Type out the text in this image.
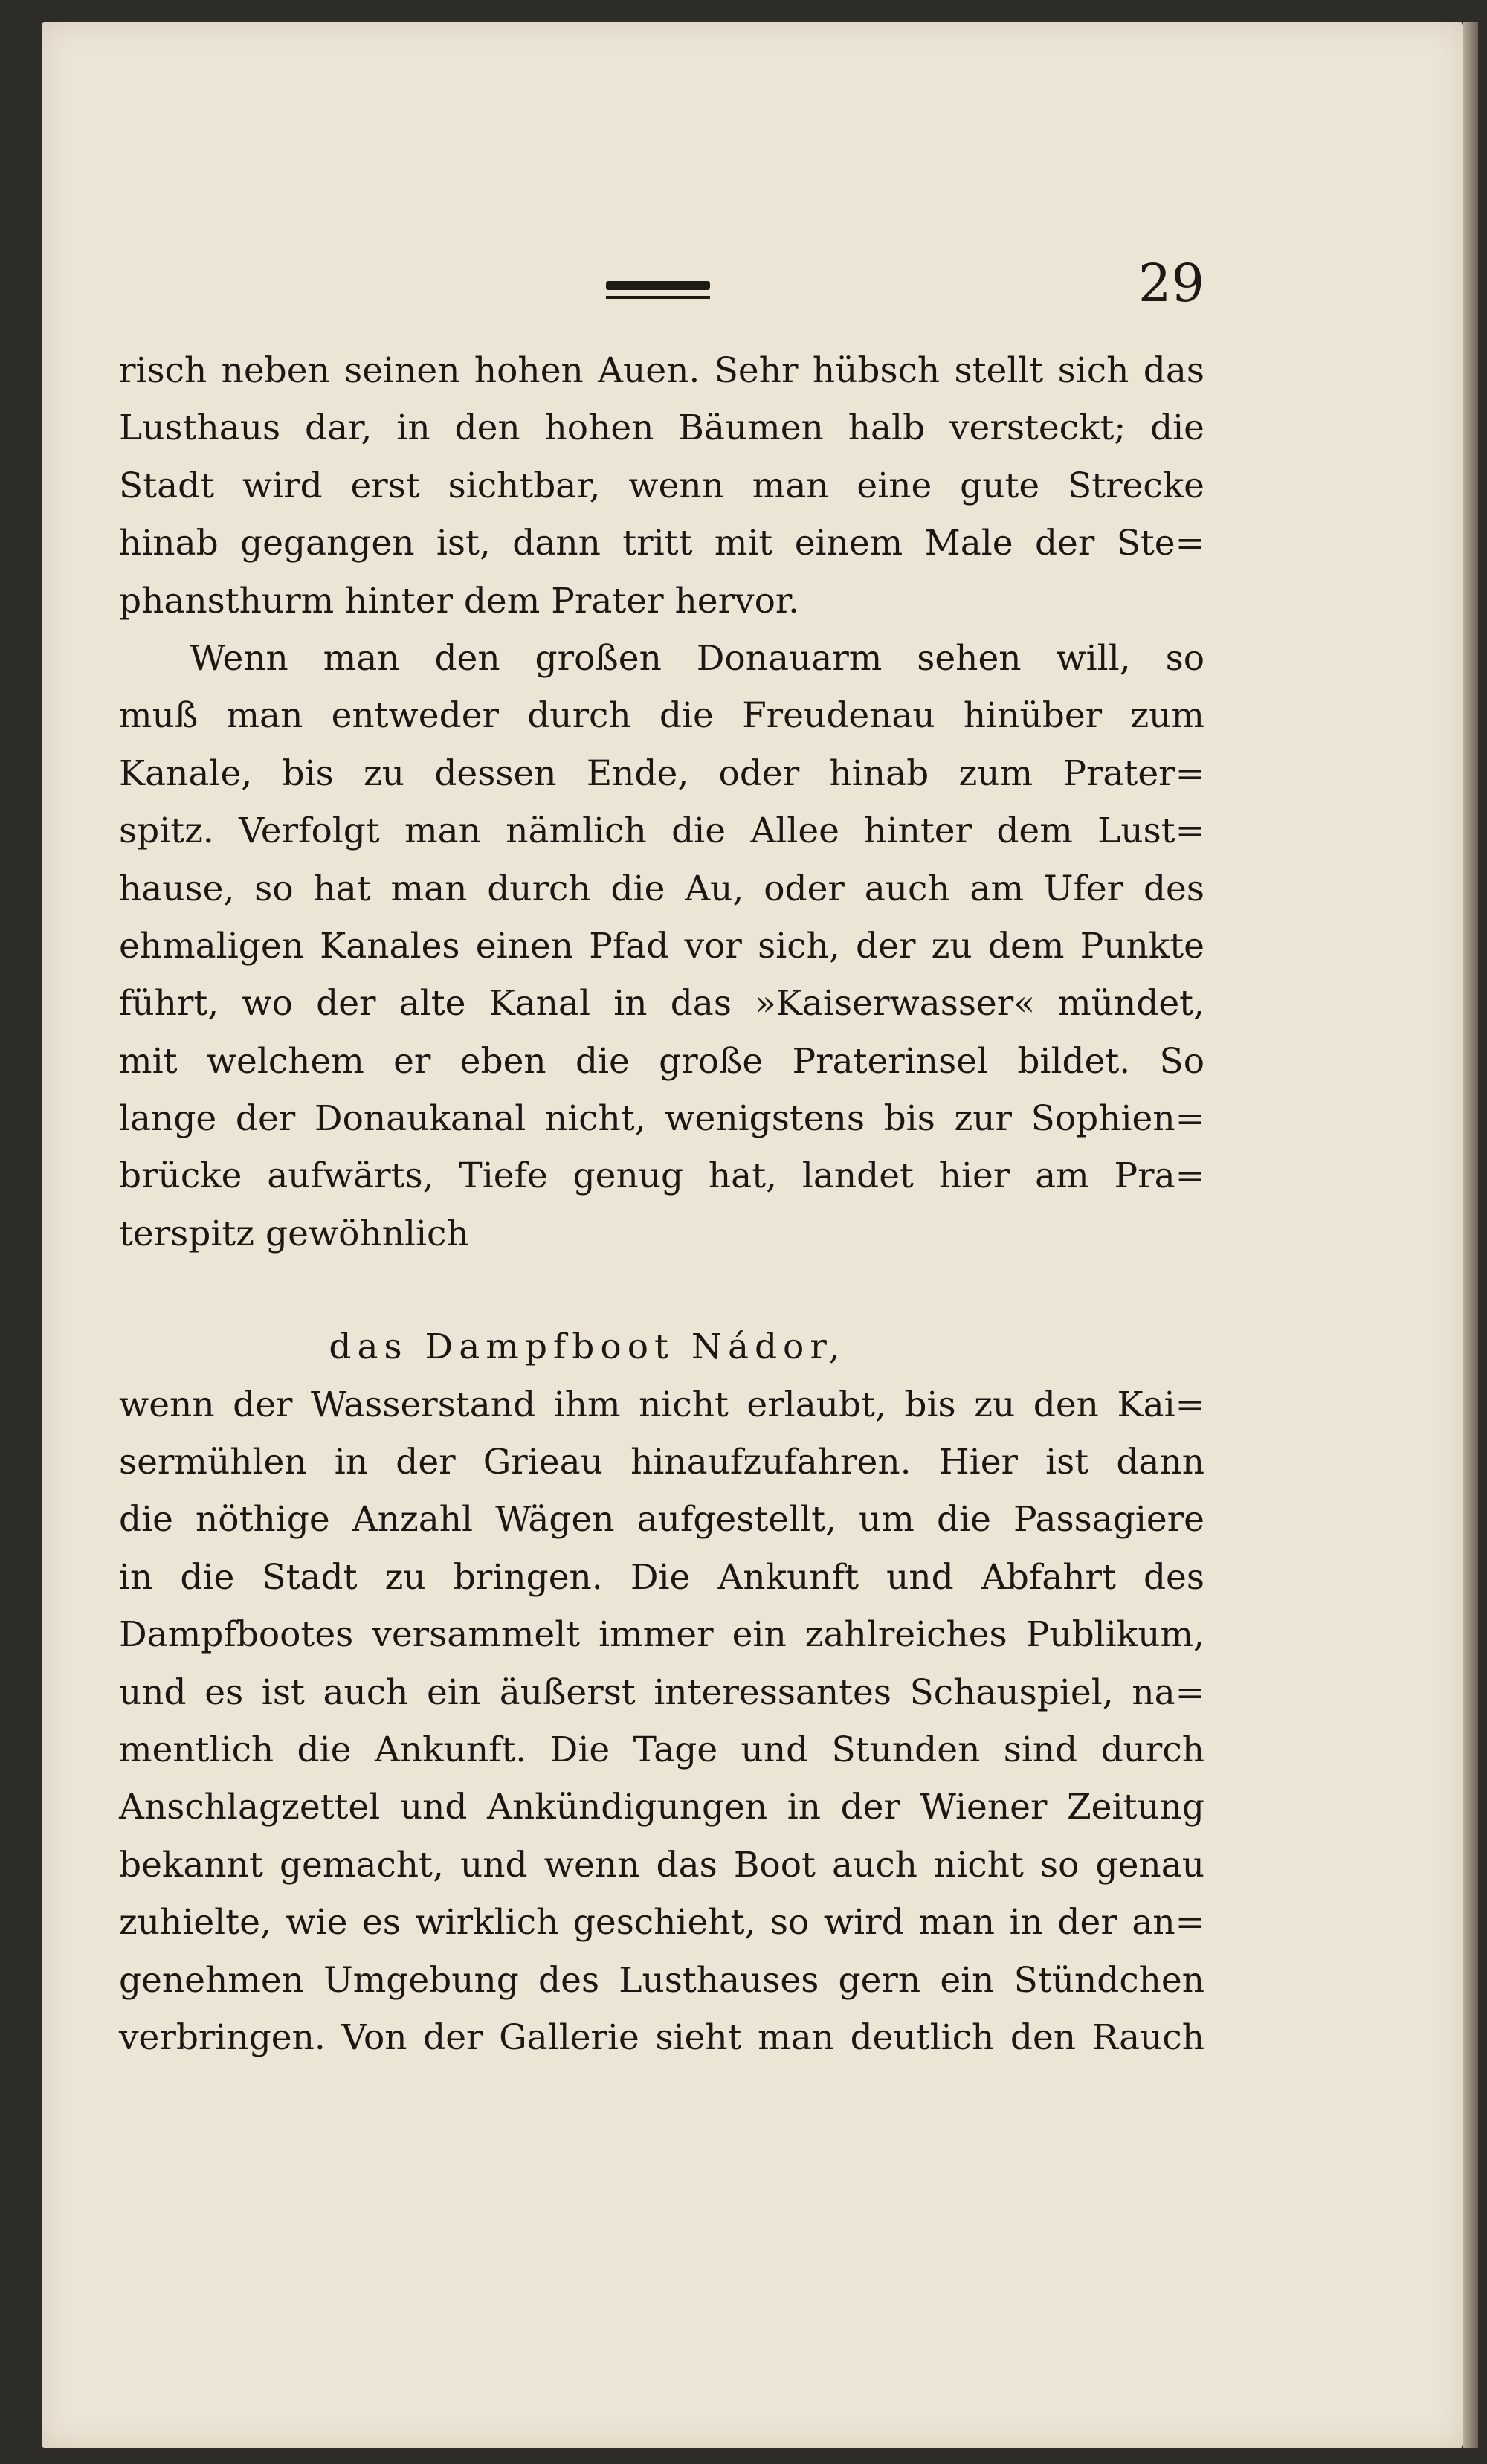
29
risch neben seinen hohen Auen. Sehr hübsch stellt sich das
Lusthaus dar, in den hohen Bäumen halb versteckt; die
Stadt wird erst sichtbar, wenn man eine gute Strecke
hinab gegangen ist, dann tritt mit einem Male der Ste=
phansthurm hinter dem Prater hervor.
Wenn man den großen Donauarm sehen will, so
muß man entweder durch die Freudenau hinüber zum
Kanale, bis zu dessen Ende, oder hinab zum Prater=
spitz. Verfolgt man nämlich die Allee hinter dem Lust=
hause, so hat man durch die Au, oder auch am Ufer des
ehmaligen Kanales einen Pfad vor sich, der zu dem Punkte
führt, wo der alte Kanal in das »Kaiserwasser« mündet,
mit welchem er eben die große Praterinsel bildet. So
lange der Donaukanal nicht, wenigstens bis zur Sophien=
brücke aufwärts, Tiefe genug hat, landet hier am Pra=
terspitz gewöhnlich
das Dampfboot Nádor,
wenn der Wasserstand ihm nicht erlaubt, bis zu den Kai=
sermühlen in der Grieau hinaufzufahren. Hier ist dann
die nöthige Anzahl Wägen aufgestellt, um die Passagiere
in die Stadt zu bringen. Die Ankunft und Abfahrt des
Dampfbootes versammelt immer ein zahlreiches Publikum,
und es ist auch ein äußerst interessantes Schauspiel, na=
mentlich die Ankunft. Die Tage und Stunden sind durch
Anschlagzettel und Ankündigungen in der Wiener Zeitung
bekannt gemacht, und wenn das Boot auch nicht so genau
zuhielte, wie es wirklich geschieht, so wird man in der an=
genehmen Umgebung des Lusthauses gern ein Stündchen
verbringen. Von der Gallerie sieht man deutlich den Rauch
